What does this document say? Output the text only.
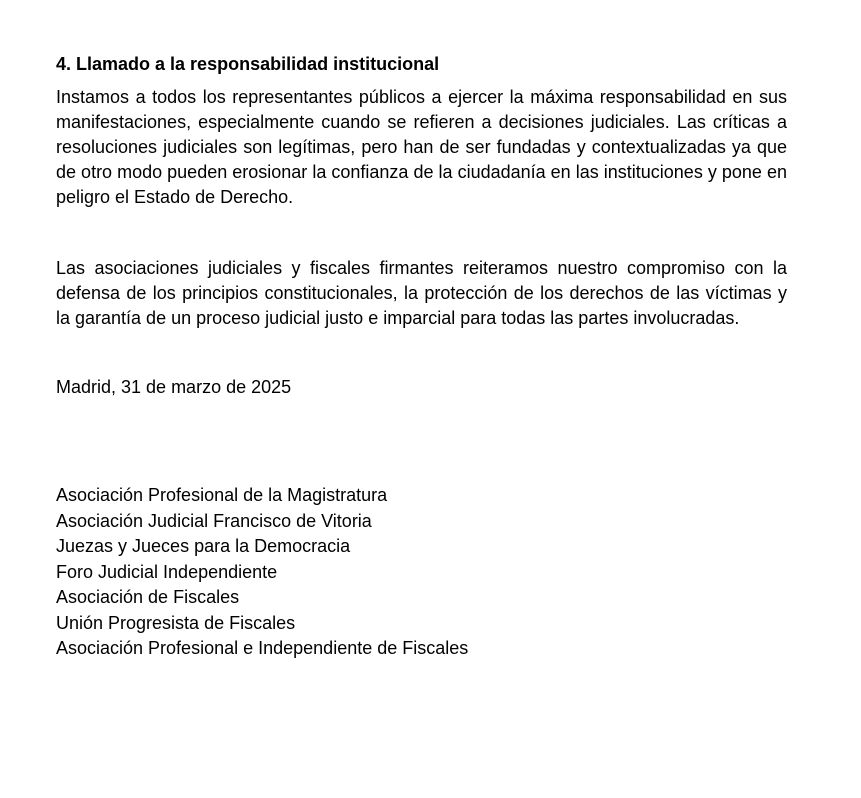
4. Llamado a la responsabilidad institucional

Instamos a todos los representantes públicos a ejercer la máxima responsabilidad en sus manifestaciones, especialmente cuando se refieren a decisiones judiciales. Las críticas a resoluciones judiciales son legítimas, pero han de ser fundadas y contextualizadas ya que de otro modo pueden erosionar la confianza de la ciudadanía en las instituciones y pone en peligro el Estado de Derecho.

Las asociaciones judiciales y fiscales firmantes reiteramos nuestro compromiso con la defensa de los principios constitucionales, la protección de los derechos de las víctimas y la garantía de un proceso judicial justo e imparcial para todas las partes involucradas.

Madrid, 31 de marzo de 2025

Asociación Profesional de la Magistratura
Asociación Judicial Francisco de Vitoria
Juezas y Jueces para la Democracia
Foro Judicial Independiente
Asociación de Fiscales
Unión Progresista de Fiscales
Asociación Profesional e Independiente de Fiscales
